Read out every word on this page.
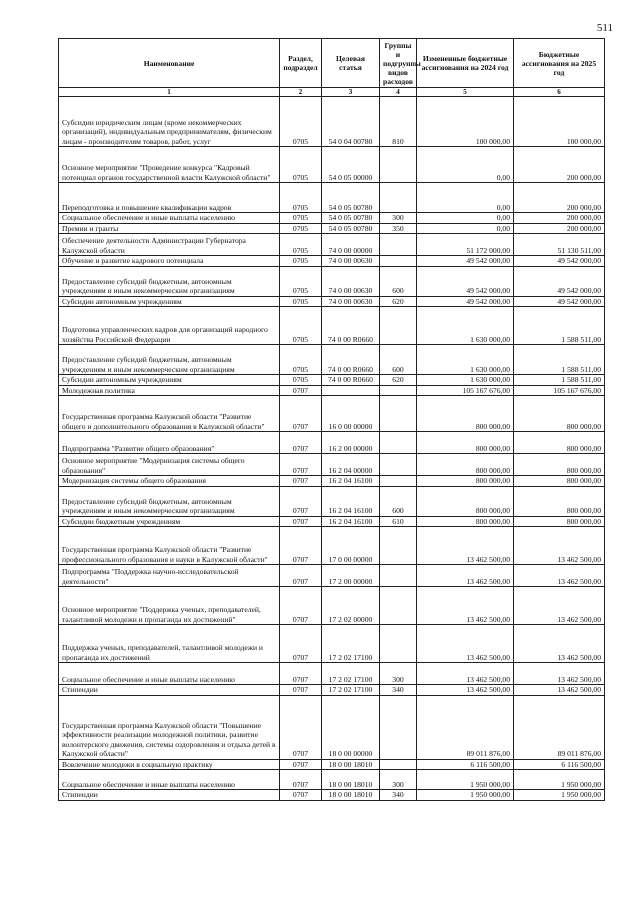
511
Наименование	Раздел, подраздел	Целевая статья	Группы и подгруппы видов расходов	Измененные бюджетные ассигнования на 2024 год	Бюджетные ассигнования на 2025 год
1	2	3	4	5	6
Субсидии юридическим лицам (кроме некоммерческих организаций), индивидуальным предпринимателям, физическим лицам - производителям товаров, работ, услуг	0705	54 0 04 00780	810	100 000,00	100 000,00
Основное мероприятие "Проведение конкурса "Кадровый потенциал органов государственной власти Калужской области"	0705	54 0 05 00000		0,00	200 000,00
Переподготовка и повышение квалификации кадров	0705	54 0 05 00780		0,00	200 000,00
Социальное обеспечение и иные выплаты населению	0705	54 0 05 00780	300	0,00	200 000,00
Премии и гранты	0705	54 0 05 00780	350	0,00	200 000,00
Обеспечение деятельности Администрации Губернатора Калужской области	0705	74 0 00 00000		51 172 000,00	51 130 511,00
Обучение и развитие кадрового потенциала	0705	74 0 00 00630		49 542 000,00	49 542 000,00
Предоставление субсидий бюджетным, автономным учреждениям и иным некоммерческим организациям	0705	74 0 00 00630	600	49 542 000,00	49 542 000,00
Субсидии автономным учреждениям	0705	74 0 00 00630	620	49 542 000,00	49 542 000,00
Подготовка управленческих кадров для организаций народного хозяйства Российской Федерации	0705	74 0 00 R0660		1 630 000,00	1 588 511,00
Предоставление субсидий бюджетным, автономным учреждениям и иным некоммерческим организациям	0705	74 0 00 R0660	600	1 630 000,00	1 588 511,00
Субсидии автономным учреждениям	0705	74 0 00 R0660	620	1 630 000,00	1 588 511,00
Молодежная политика	0707			105 167 676,00	105 167 676,00
Государственная программа Калужской области "Развитие общего и дополнительного образования в Калужской области"	0707	16 0 00 00000		800 000,00	800 000,00
Подпрограмма "Развитие общего образования"	0707	16 2 00 00000		800 000,00	800 000,00
Основное мероприятие "Модернизация системы общего образования"	0707	16 2 04 00000		800 000,00	800 000,00
Модернизация системы общего образования	0707	16 2 04 16100		800 000,00	800 000,00
Предоставление субсидий бюджетным, автономным учреждениям и иным некоммерческим организациям	0707	16 2 04 16100	600	800 000,00	800 000,00
Субсидии бюджетным учреждениям	0707	16 2 04 16100	610	800 000,00	800 000,00
Государственная программа Калужской области "Развитие профессионального образования и науки в Калужской области"	0707	17 0 00 00000		13 462 500,00	13 462 500,00
Подпрограмма "Поддержка научно-исследовательской деятельности"	0707	17 2 00 00000		13 462 500,00	13 462 500,00
Основное мероприятие "Поддержка ученых, преподавателей, талантливой молодежи и пропаганда их достижений"	0707	17 2 02 00000		13 462 500,00	13 462 500,00
Поддержка ученых, преподавателей, талантливой молодежи и пропаганда их достижений	0707	17 2 02 17100		13 462 500,00	13 462 500,00
Социальное обеспечение и иные выплаты населению	0707	17 2 02 17100	300	13 462 500,00	13 462 500,00
Стипендии	0707	17 2 02 17100	340	13 462 500,00	13 462 500,00
Государственная программа Калужской области "Повышение эффективности реализации молодежной политики, развитие волонтерского движения, системы оздоровления и отдыха детей в Калужской области"	0707	18 0 00 00000		89 011 876,00	89 011 876,00
Вовлечение молодежи в социальную практику	0707	18 0 00 18010		6 116 500,00	6 116 500,00
Социальное обеспечение и иные выплаты населению	0707	18 0 00 18010	300	1 950 000,00	1 950 000,00
Стипендии	0707	18 0 00 18010	340	1 950 000,00	1 950 000,00
